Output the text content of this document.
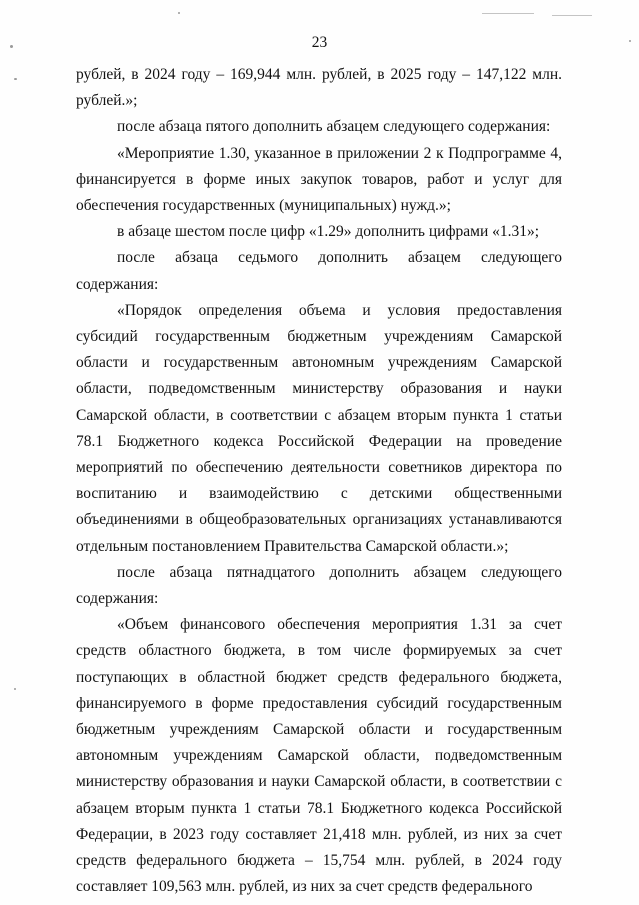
23

рублей, в 2024 году – 169,944 млн. рублей, в 2025 году – 147,122 млн. рублей.»;

после абзаца пятого дополнить абзацем следующего содержания:

«Мероприятие 1.30, указанное в приложении 2 к Подпрограмме 4, финансируется в форме иных закупок товаров, работ и услуг для обеспечения государственных (муниципальных) нужд.»;

в абзаце шестом после цифр «1.29» дополнить цифрами «1.31»;

после абзаца седьмого дополнить абзацем следующего содержания:

«Порядок определения объема и условия предоставления субсидий государственным бюджетным учреждениям Самарской области и государственным автономным учреждениям Самарской области, подведомственным министерству образования и науки Самарской области, в соответствии с абзацем вторым пункта 1 статьи 78.1 Бюджетного кодекса Российской Федерации на проведение мероприятий по обеспечению деятельности советников директора по воспитанию и взаимодействию с детскими общественными объединениями в общеобразовательных организациях устанавливаются отдельным постановлением Правительства Самарской области.»;

после абзаца пятнадцатого дополнить абзацем следующего содержания:

«Объем финансового обеспечения мероприятия 1.31 за счет средств областного бюджета, в том числе формируемых за счет поступающих в областной бюджет средств федерального бюджета, финансируемого в форме предоставления субсидий государственным бюджетным учреждениям Самарской области и государственным автономным учреждениям Самарской области, подведомственным министерству образования и науки Самарской области, в соответствии с абзацем вторым пункта 1 статьи 78.1 Бюджетного кодекса Российской Федерации, в 2023 году составляет 21,418 млн. рублей, из них за счет средств федерального бюджета – 15,754 млн. рублей, в 2024 году составляет 109,563 млн. рублей, из них за счет средств федерального
